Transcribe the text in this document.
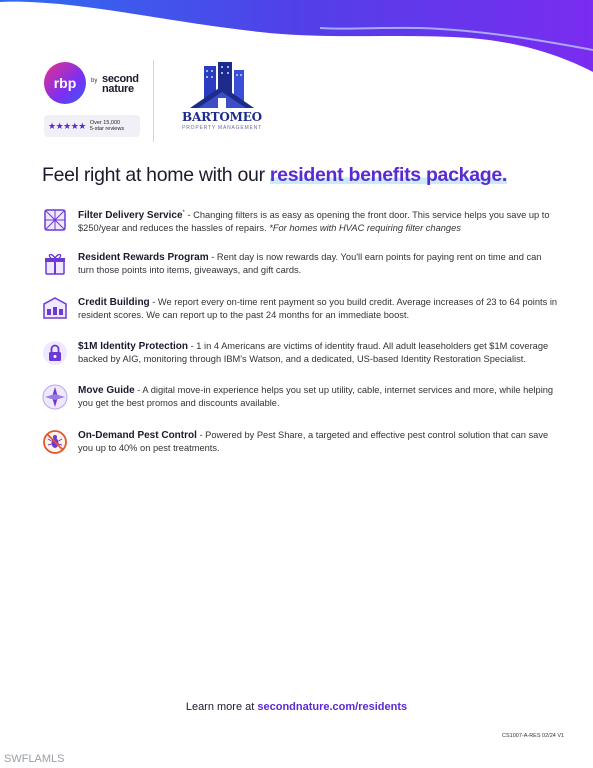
rbp by second nature
★★★★★ Over 15,000
5-star reviews
BARTOMEO
PROPERTY MANAGEMENT
Feel right at home with our resident benefits package.
Filter Delivery Service* - Changing filters is as easy as opening the front door. This service helps you save up to $250/year and reduces the hassles of repairs. *For homes with HVAC requiring filter changes
Resident Rewards Program - Rent day is now rewards day. You'll earn points for paying rent on time and can turn those points into items, giveaways, and gift cards.
Credit Building - We report every on-time rent payment so you build credit. Average increases of 23 to 64 points in resident scores. We can report up to the past 24 months for an immediate boost.
$1M Identity Protection - 1 in 4 Americans are victims of identity fraud. All adult leaseholders get $1M coverage backed by AIG, monitoring through IBM's Watson, and a dedicated, US-based Identity Restoration Specialist.
Move Guide - A digital move-in experience helps you set up utility, cable, internet services and more, while helping you get the best promos and discounts available.
On-Demand Pest Control - Powered by Pest Share, a targeted and effective pest control solution that can save you up to 40% on pest treatments.
Learn more at secondnature.com/residents
CS1007-A-RES 02/24 V1
SWFLAMLS
